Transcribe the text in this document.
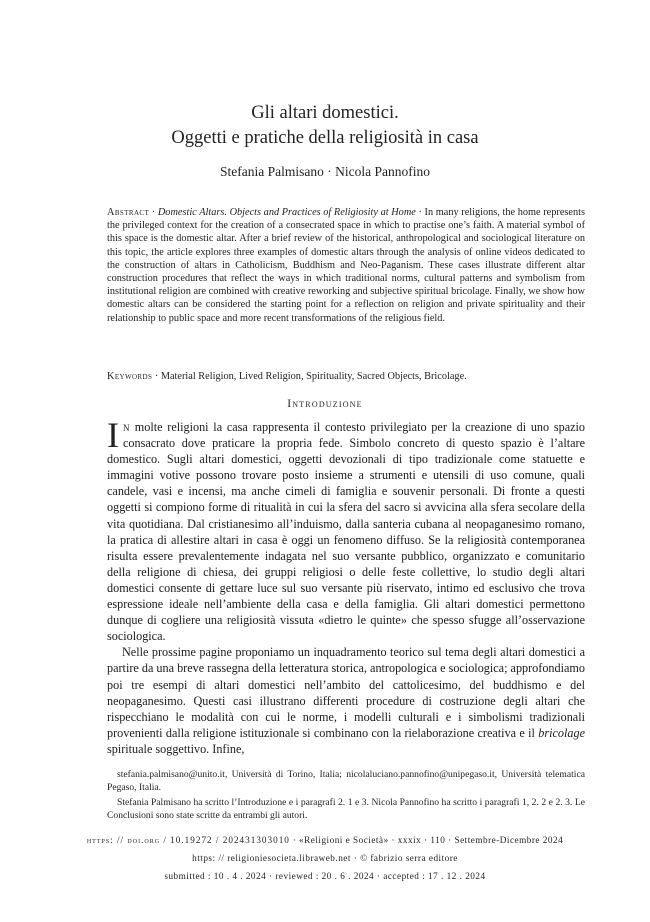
Gli altari domestici.
Oggetti e pratiche della religiosità in casa
Stefania Palmisano · Nicola Pannofino
Abstract · Domestic Altars. Objects and Practices of Religiosity at Home · In many religions, the home represents the privileged context for the creation of a consecrated space in which to practise one’s faith. A material symbol of this space is the domestic altar. After a brief review of the historical, anthropological and sociological literature on this topic, the article explores three examples of domestic altars through the analysis of online videos dedicated to the construction of altars in Catholicism, Buddhism and Neo-Paganism. These cases illustrate different altar construction procedures that reflect the ways in which traditional norms, cultural patterns and symbolism from institutional religion are combined with creative reworking and subjective spiritual bricolage. Finally, we show how domestic altars can be considered the starting point for a reflection on religion and private spirituality and their relationship to public space and more recent transformations of the religious field.
Keywords · Material Religion, Lived Religion, Spirituality, Sacred Objects, Bricolage.
Introduzione

In molte religioni la casa rappresenta il contesto privilegiato per la creazione di uno spazio consacrato dove praticare la propria fede. Simbolo concreto di questo spazio è l’altare domestico. Sugli altari domestici, oggetti devozionali di tipo tradizionale come statuette e immagini votive possono trovare posto insieme a strumenti e utensili di uso comune, quali candele, vasi e incensi, ma anche cimeli di famiglia e souvenir personali. Di fronte a questi oggetti si compiono forme di ritualità in cui la sfera del sacro si avvicina alla sfera secolare della vita quotidiana. Dal cristianesimo all’induismo, dalla santeria cubana al neopaganesimo romano, la pratica di allestire altari in casa è oggi un fenomeno diffuso. Se la religiosità contemporanea risulta essere prevalentemente indagata nel suo versante pubblico, organizzato e comunitario della religione di chiesa, dei gruppi religiosi o delle feste collettive, lo studio degli altari domestici consente di gettare luce sul suo versante più riservato, intimo ed esclusivo che trova espressione ideale nell’ambiente della casa e della famiglia. Gli altari domestici permettono dunque di cogliere una religiosità vissuta «dietro le quinte» che spesso sfugge all’osservazione sociologica.

Nelle prossime pagine proponiamo un inquadramento teorico sul tema degli altari domestici a partire da una breve rassegna della letteratura storica, antropologica e sociologica; approfondiamo poi tre esempi di altari domestici nell’ambito del cattolicesimo, del buddhismo e del neopaganesimo. Questi casi illustrano differenti procedure di costruzione degli altari che rispecchiano le modalità con cui le norme, i modelli culturali e i simbolismi tradizionali provenienti dalla religione istituzionale si combinano con la rielaborazione creativa e il bricolage spirituale soggettivo. Infine,

stefania.palmisano@unito.it, Università di Torino, Italia; nicolaluciano.pannofino@unipegaso.it, Università telematica Pegaso, Italia.

Stefania Palmisano ha scritto l’Introduzione e i paragrafi 2. 1 e 3. Nicola Pannofino ha scritto i paragrafi 1, 2. 2 e 2. 3. Le Conclusioni sono state scritte da entrambi gli autori.

https: // doi.org / 10.19272 / 202431303010 · «Religioni e Società» · xxxix · 110 · Settembre-Dicembre 2024
https: // religioniesocieta.libraweb.net · © fabrizio serra editore
submitted : 10 . 4 . 2024 · reviewed : 20 . 6 . 2024 · accepted : 17 . 12 . 2024
